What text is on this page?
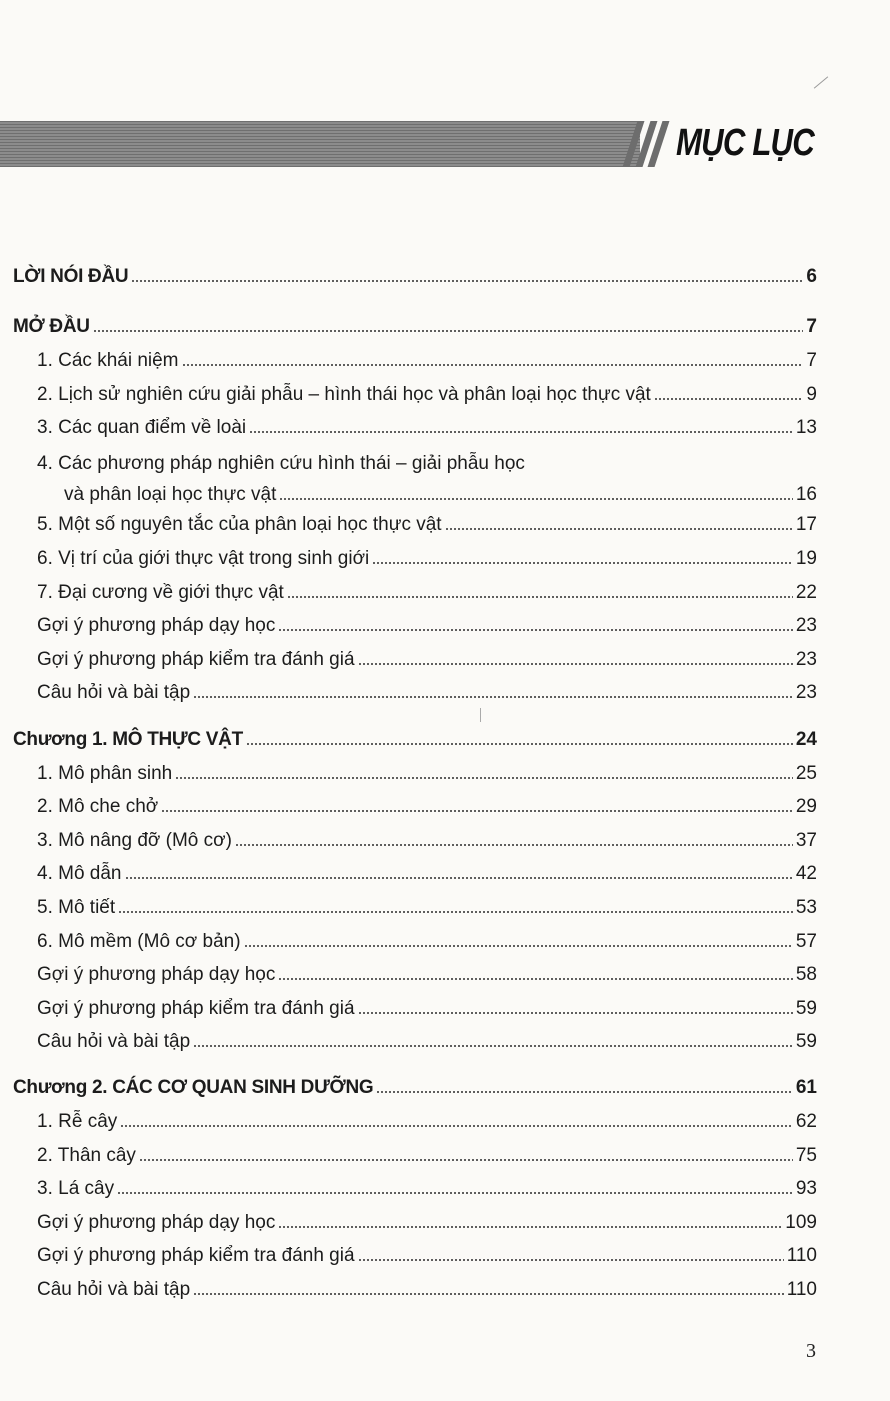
MỤC LỤC
LỜI NÓI ĐẦU	6
MỞ ĐẦU	7
1. Các khái niệm	7
2. Lịch sử nghiên cứu giải phẫu – hình thái học và phân loại học thực vật	9
3. Các quan điểm về loài	13
4. Các phương pháp nghiên cứu hình thái – giải phẫu học
và phân loại học thực vật	16
5. Một số nguyên tắc của phân loại học thực vật	17
6. Vị trí của giới thực vật trong sinh giới	19
7. Đại cương về giới thực vật	22
Gợi ý phương pháp dạy học	23
Gợi ý phương pháp kiểm tra đánh giá	23
Câu hỏi và bài tập	23
Chương 1. MÔ THỰC VẬT	24
1. Mô phân sinh	25
2. Mô che chở	29
3. Mô nâng đỡ (Mô cơ)	37
4. Mô dẫn	42
5. Mô tiết	53
6. Mô mềm (Mô cơ bản)	57
Gợi ý phương pháp dạy học	58
Gợi ý phương pháp kiểm tra đánh giá	59
Câu hỏi và bài tập	59
Chương 2. CÁC CƠ QUAN SINH DƯỠNG	61
1. Rễ cây	62
2. Thân cây	75
3. Lá cây	93
Gợi ý phương pháp dạy học	109
Gợi ý phương pháp kiểm tra đánh giá	110
Câu hỏi và bài tập	110
3
